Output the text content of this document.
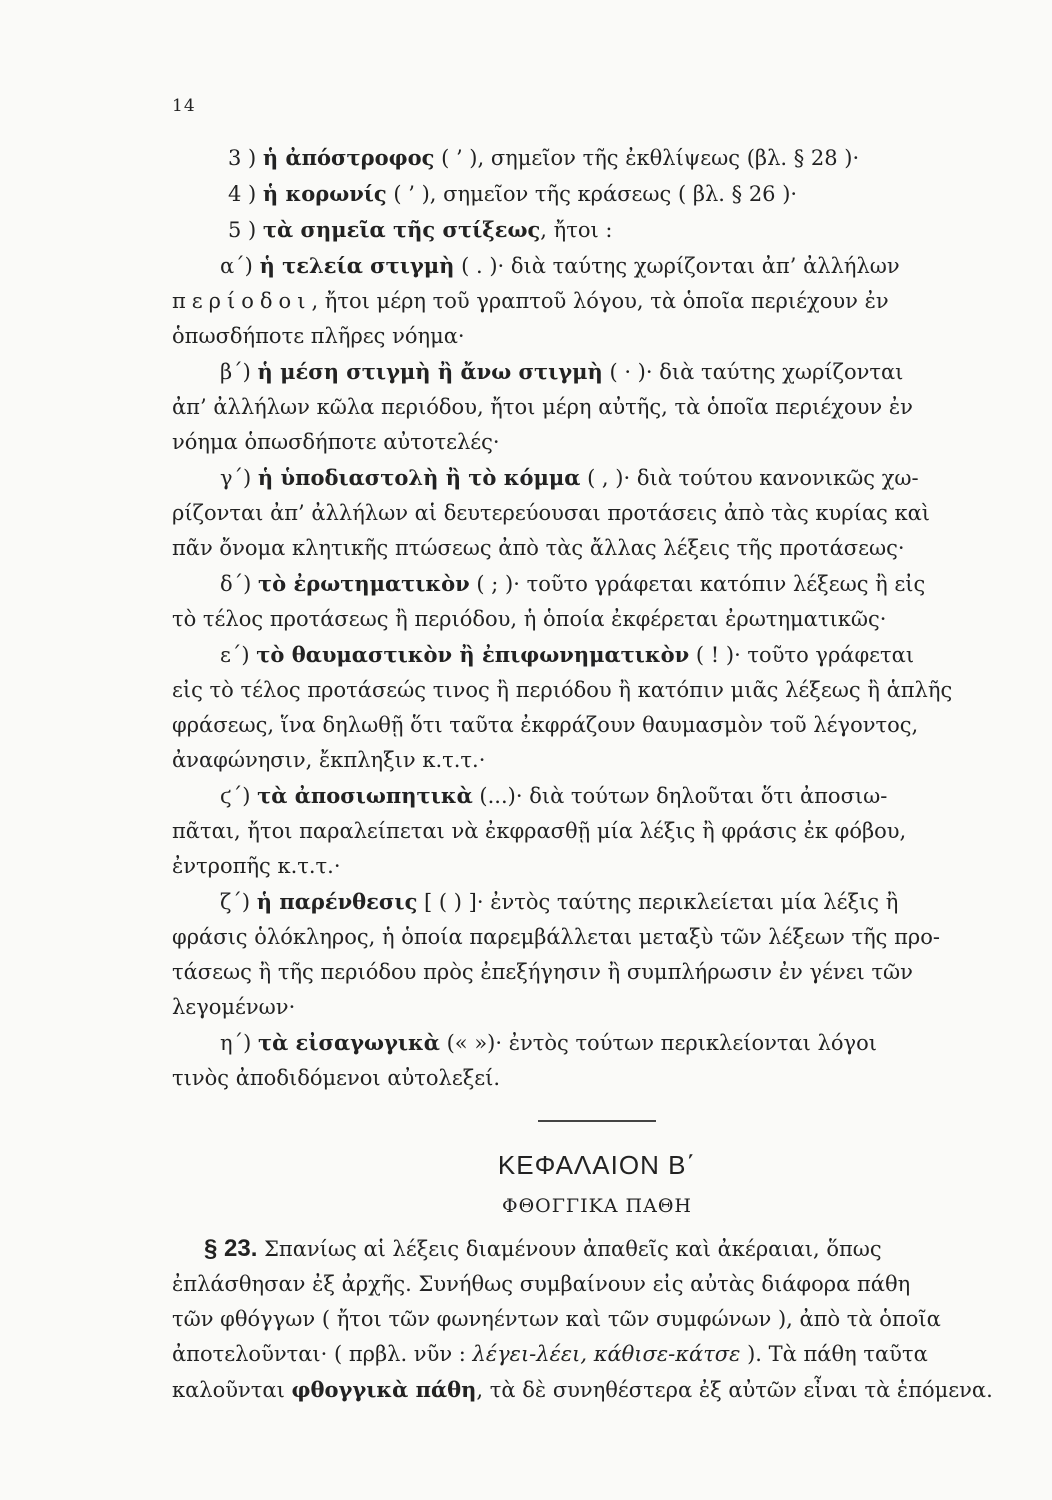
14
3 ) ἡ ἀπόστροφος ( ’ ), σημεῖον τῆς ἐκθλίψεως (βλ. § 28 )·
4 ) ἡ κορωνίς ( ’ ), σημεῖον τῆς κράσεως ( βλ. § 26 )·
5 ) τὰ σημεῖα τῆς στίξεως, ἤτοι :
α΄) ἡ τελεία στιγμὴ ( . )· διὰ ταύτης χωρίζονται ἀπ’ ἀλλήλων
περίοδοι, ἤτοι μέρη τοῦ γραπτοῦ λόγου, τὰ ὁποῖα περιέχουν ἐν
ὁπωσδήποτε πλῆρες νόημα·
β΄) ἡ μέση στιγμὴ ἢ ἄνω στιγμὴ ( · )· διὰ ταύτης χωρίζονται
ἀπ’ ἀλλήλων κῶλα περιόδου, ἤτοι μέρη αὐτῆς, τὰ ὁποῖα περιέχουν ἐν
νόημα ὁπωσδήποτε αὐτοτελές·
γ΄) ἡ ὑποδιαστολὴ ἢ τὸ κόμμα ( , )· διὰ τούτου κανονικῶς χω-
ρίζονται ἀπ’ ἀλλήλων αἱ δευτερεύουσαι προτάσεις ἀπὸ τὰς κυρίας καὶ
πᾶν ὄνομα κλητικῆς πτώσεως ἀπὸ τὰς ἄλλας λέξεις τῆς προτάσεως·
δ΄) τὸ ἐρωτηματικὸν ( ; )· τοῦτο γράφεται κατόπιν λέξεως ἢ εἰς
τὸ τέλος προτάσεως ἢ περιόδου, ἡ ὁποία ἐκφέρεται ἐρωτηματικῶς·
ε΄) τὸ θαυμαστικὸν ἢ ἐπιφωνηματικὸν ( ! )· τοῦτο γράφεται
εἰς τὸ τέλος προτάσεώς τινος ἢ περιόδου ἢ κατόπιν μιᾶς λέξεως ἢ ἁπλῆς
φράσεως, ἵνα δηλωθῇ ὅτι ταῦτα ἐκφράζουν θαυμασμὸν τοῦ λέγοντος,
ἀναφώνησιν, ἔκπληξιν κ.τ.τ.·
ϛ΄) τὰ ἀποσιωπητικὰ (...)· διὰ τούτων δηλοῦται ὅτι ἀποσιω-
πᾶται, ἤτοι παραλείπεται νὰ ἐκφρασθῇ μία λέξις ἢ φράσις ἐκ φόβου,
ἐντροπῆς κ.τ.τ.·
ζ΄) ἡ παρένθεσις [ ( ) ]· ἐντὸς ταύτης περικλείεται μία λέξις ἢ
φράσις ὁλόκληρος, ἡ ὁποία παρεμβάλλεται μεταξὺ τῶν λέξεων τῆς προ-
τάσεως ἢ τῆς περιόδου πρὸς ἐπεξήγησιν ἢ συμπλήρωσιν ἐν γένει τῶν
λεγομένων·
η΄) τὰ εἰσαγωγικὰ (« »)· ἐντὸς τούτων περικλείονται λόγοι
τινὸς ἀποδιδόμενοι αὐτολεξεί.
ΚΕΦΑΛΑΙΟΝ Β΄
ΦΘΟΓΓΙΚΑ ΠΑΘΗ
§ 23. Σπανίως αἱ λέξεις διαμένουν ἀπαθεῖς καὶ ἀκέραιαι, ὅπως
ἐπλάσθησαν ἐξ ἀρχῆς. Συνήθως συμβαίνουν εἰς αὐτὰς διάφορα πάθη
τῶν φθόγγων ( ἤτοι τῶν φωνηέντων καὶ τῶν συμφώνων ), ἀπὸ τὰ ὁποῖα
ἀποτελοῦνται· ( πρβλ. νῦν : λέγει-λέει, κάθισε-κάτσε ). Τὰ πάθη ταῦτα
καλοῦνται φθογγικὰ πάθη, τὰ δὲ συνηθέστερα ἐξ αὐτῶν εἶναι τὰ ἑπόμενα.
